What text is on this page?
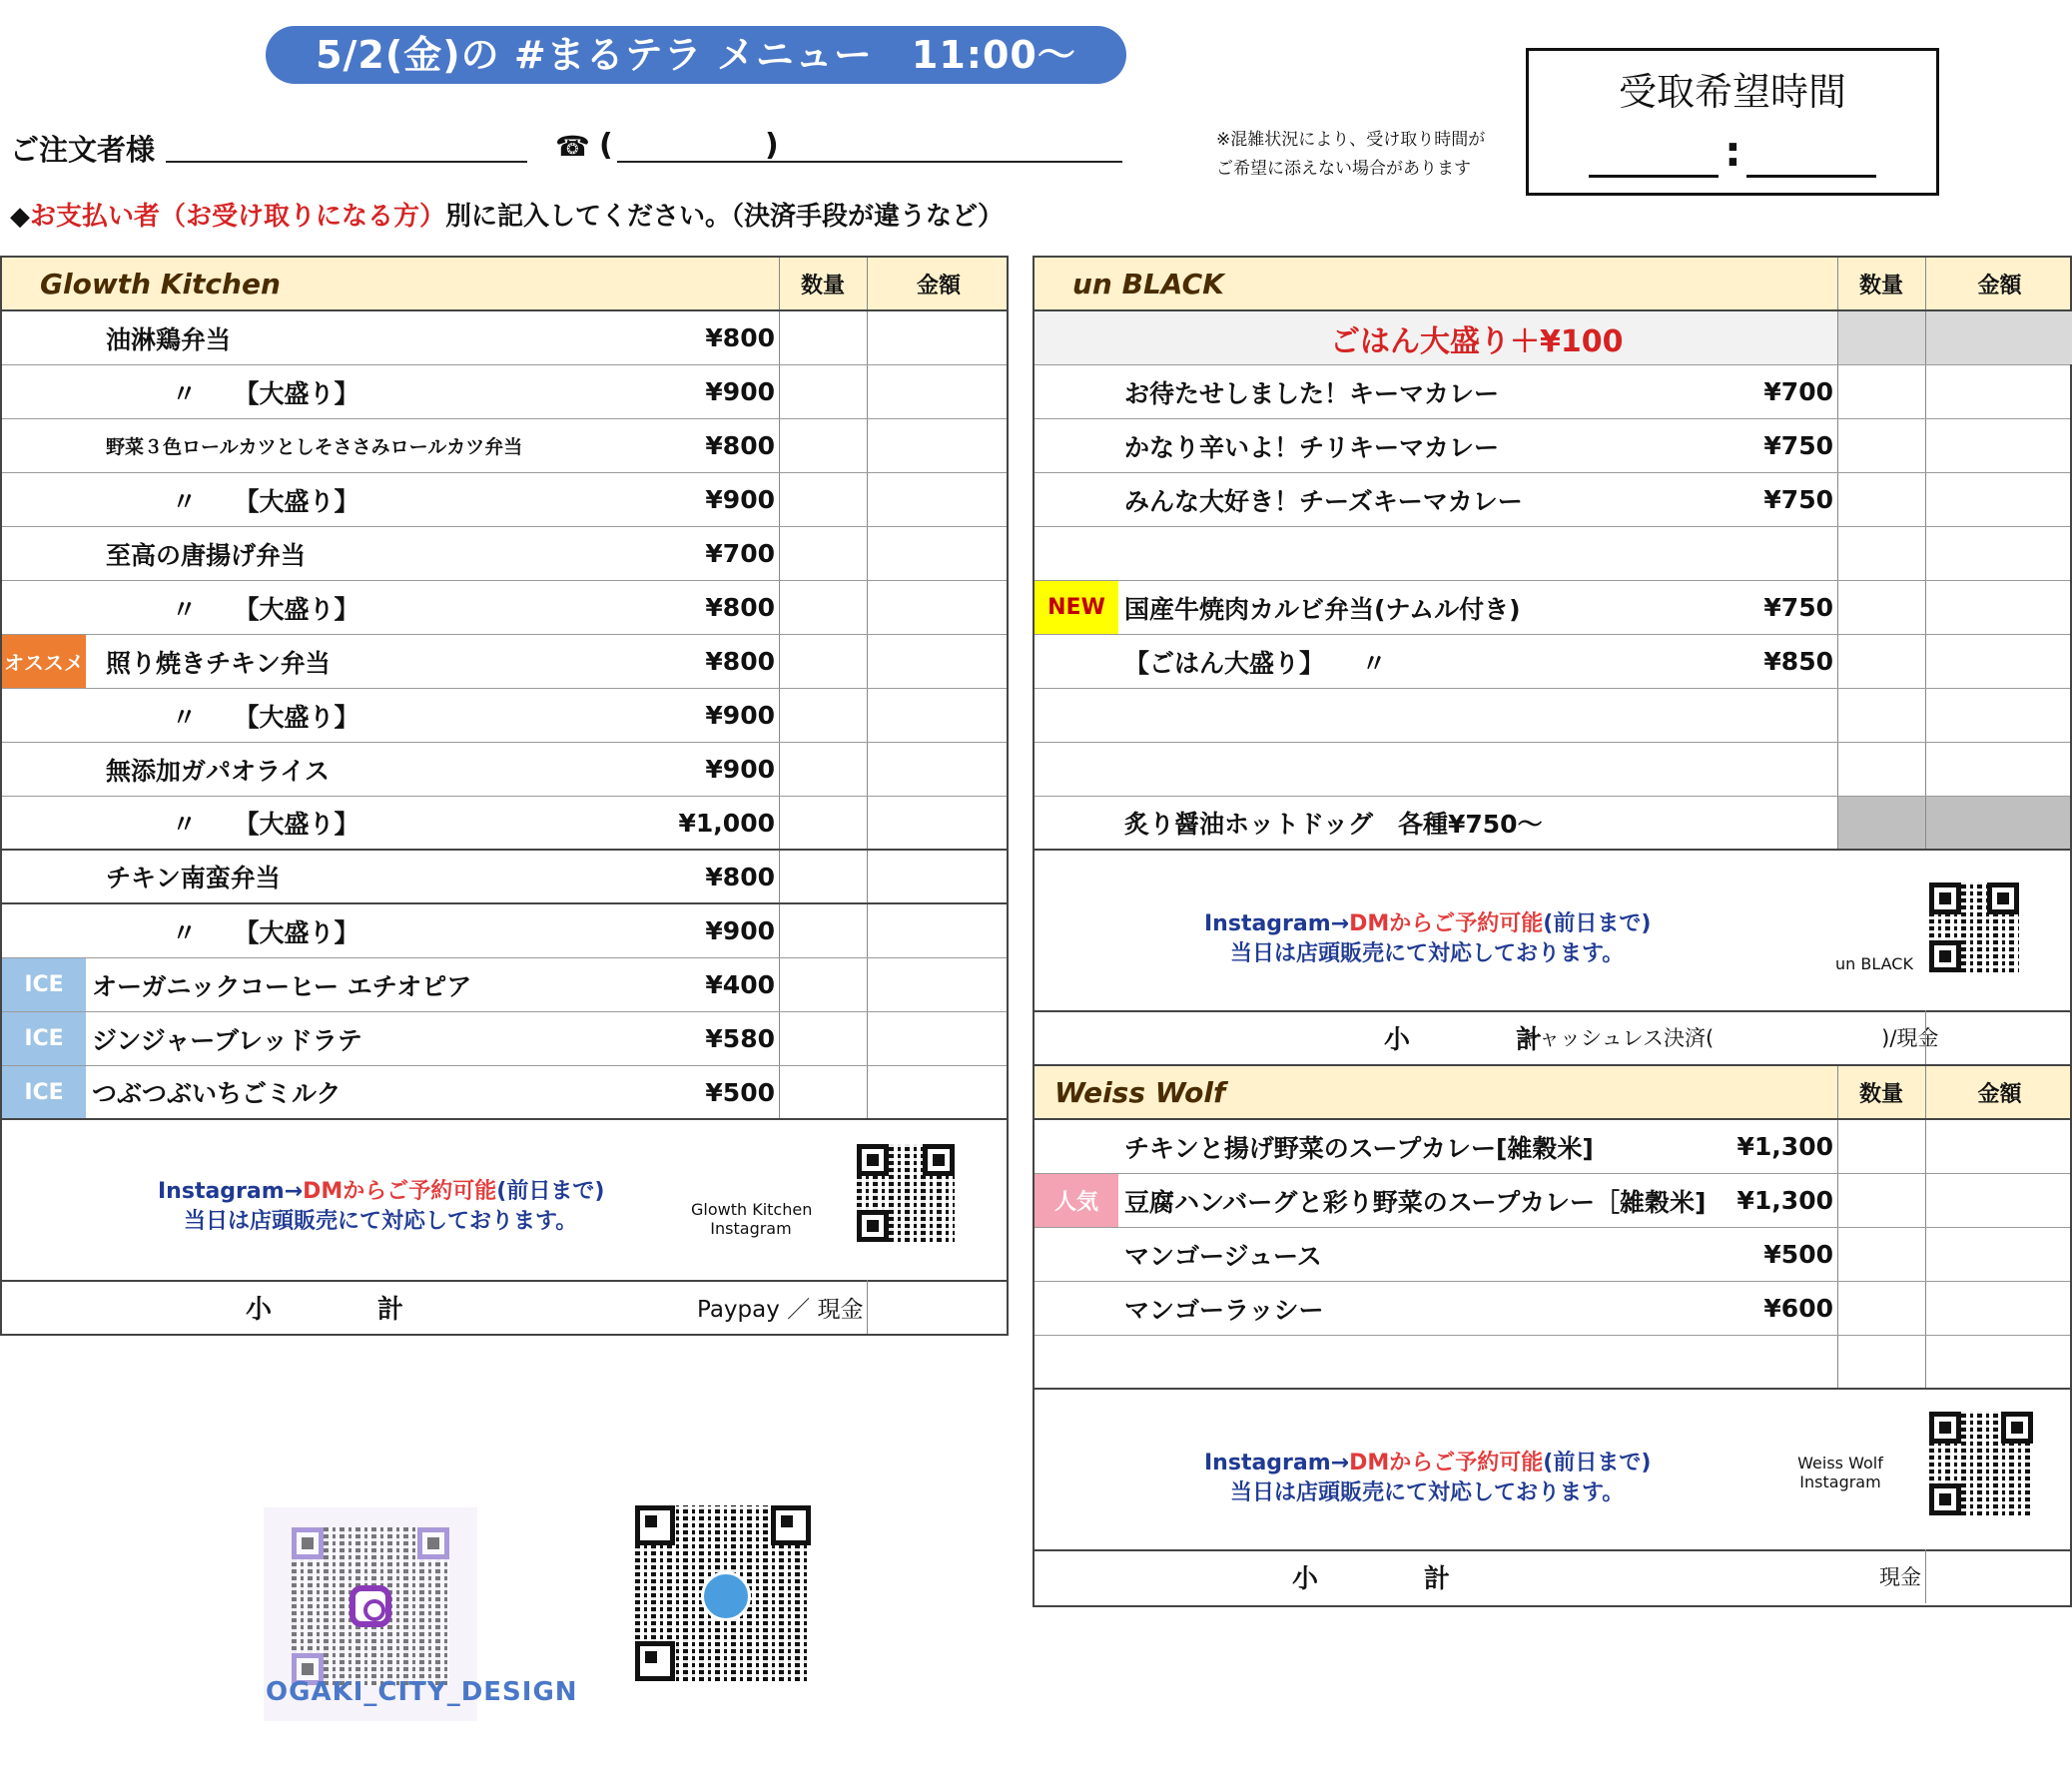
5/2(金)の #まるテラ メニュー　11:00〜14:00
ご注文者様	☎ (	)
◆お支払い者（お受け取りになる方）別に記入してください。（決済手段が違うなど）
※混雑状況により、受け取り時間が
ご希望に添えない場合があります
受取希望時間
:
Glowth Kitchen	数量	金額
油淋鶏弁当	¥800
〃　　【大盛り】	¥900
野菜３色ロールカツとしそささみロールカツ弁当	¥800
〃　　【大盛り】	¥900
至高の唐揚げ弁当	¥700
〃　　【大盛り】	¥800
オススメ 照り焼きチキン弁当	¥800
〃　　【大盛り】	¥900
無添加ガパオライス	¥900
〃　　【大盛り】	¥1,000
チキン南蛮弁当	¥800
〃　　【大盛り】	¥900
ICE	オーガニックコーヒー エチオピア	¥400
ICE	ジンジャーブレッドラテ	¥580
ICE	つぶつぶいちごミルク	¥500
Instagram→DMからご予約可能(前日まで)
当日は店頭販売にて対応しております。	Glowth Kitchen
Instagram
小　計	Paypay ／ 現金
un BLACK	数量	金額
ごはん大盛り＋¥100
お待たせしました！キーマカレー	¥700
かなり辛いよ！チリキーマカレー	¥750
みんな大好き！チーズキーマカレー	¥750
NEW 国産牛焼肉カルビ弁当(ナムル付き)	¥750
【ごはん大盛り】　　〃	¥850
炙り醤油ホットドッグ　各種¥750〜
Instagram→DMからご予約可能(前日まで)
当日は店頭販売にて対応しております。	un BLACK
小　計
キャッシュレス決済(　　　　　　　　)/現金
Weiss Wolf	数量	金額
チキンと揚げ野菜のスープカレー[雑穀米]	¥1,300
人気	豆腐ハンバーグと彩り野菜のスープカレー［雑穀米] ¥1,300
マンゴージュース	¥500
マンゴーラッシー	¥600
Instagram→DMからご予約可能(前日まで)
当日は店頭販売にて対応しております。
Weiss Wolf
Instagram
小　計	現金
OGAKI_CITY_DESIGN
